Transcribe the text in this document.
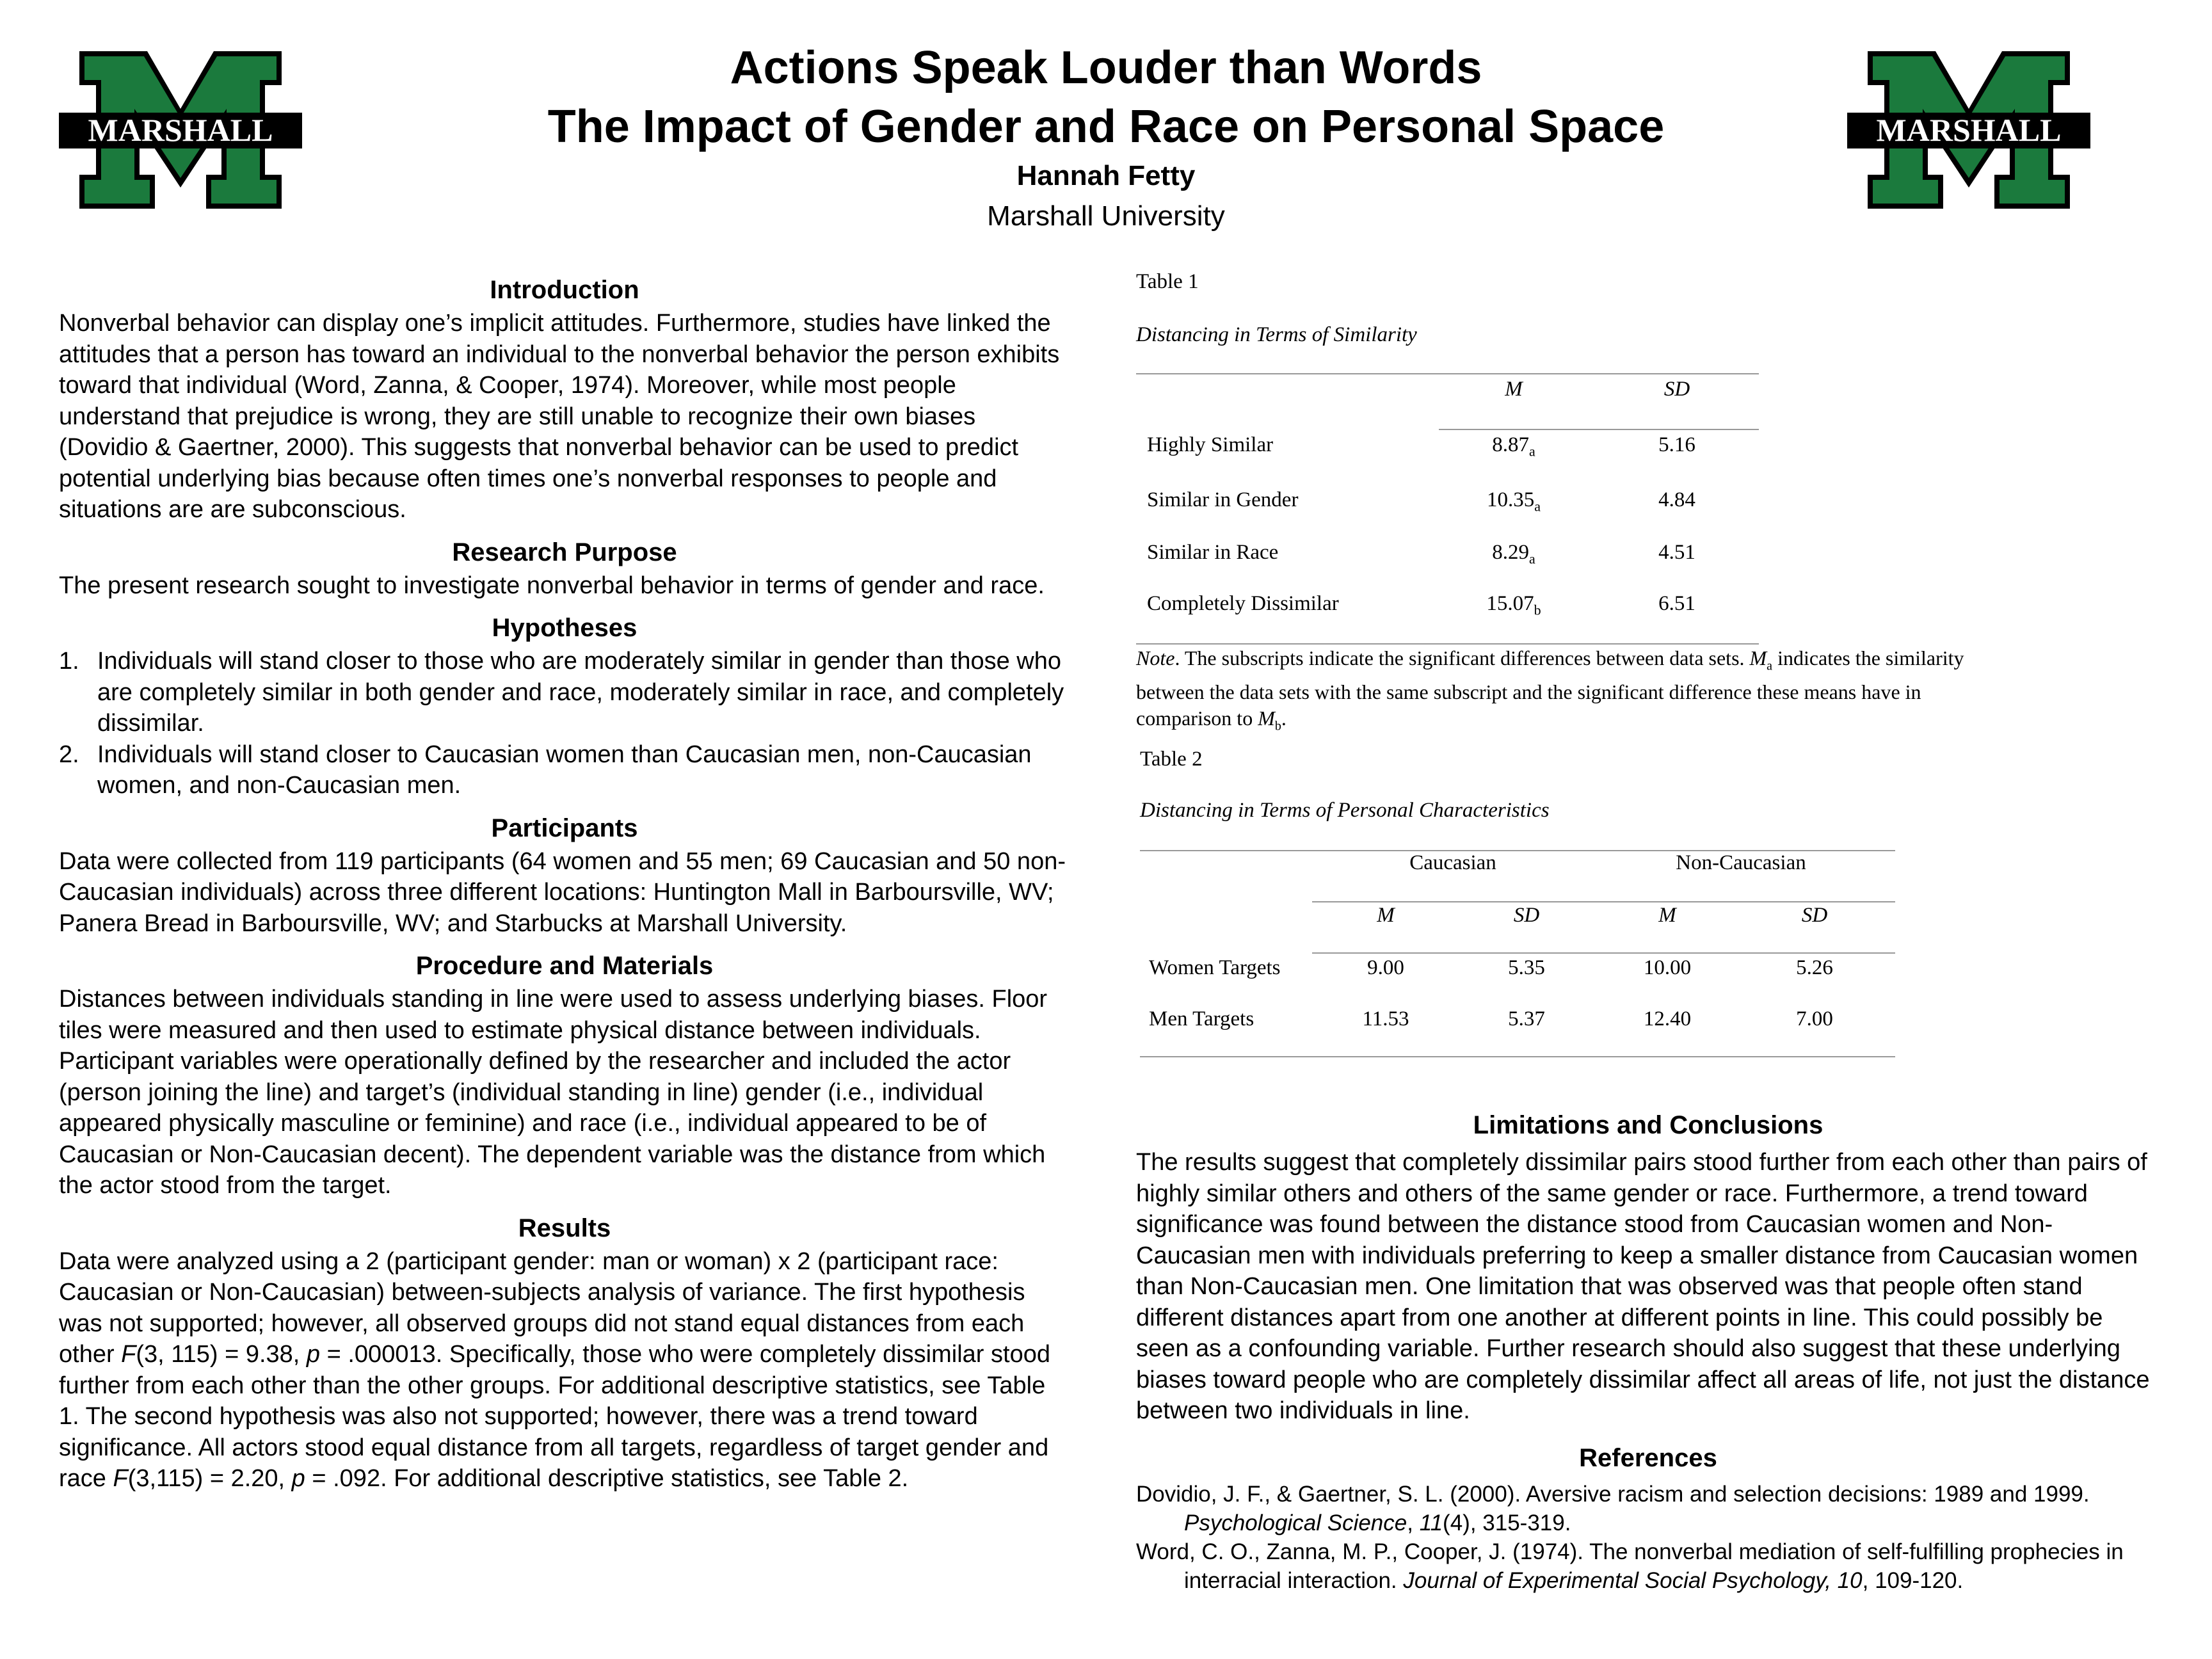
MARSHALL	MARSHALL
Actions Speak Louder than Words
The Impact of Gender and Race on Personal Space
Hannah Fetty
Marshall University
Introduction

Nonverbal behavior can display one’s implicit attitudes. Furthermore, studies have linked the attitudes that a person has toward an individual to the nonverbal behavior the person exhibits toward that individual (Word, Zanna, & Cooper, 1974). Moreover, while most people understand that prejudice is wrong, they are still unable to recognize their own biases (Dovidio & Gaertner, 2000). This suggests that nonverbal behavior can be used to predict potential underlying bias because often times one’s nonverbal responses to people and situations are are subconscious.

Research Purpose

The present research sought to investigate nonverbal behavior in terms of gender and race.

Hypotheses
1. Individuals will stand closer to those who are moderately similar in gender than those who are completely similar in both gender and race, moderately similar in race, and completely dissimilar.
2. Individuals will stand closer to Caucasian women than Caucasian men, non-Caucasian women, and non-Caucasian men.
Participants

Data were collected from 119 participants (64 women and 55 men; 69 Caucasian and 50 non-Caucasian individuals) across three different locations: Huntington Mall in Barboursville, WV; Panera Bread in Barboursville, WV; and Starbucks at Marshall University.

Procedure and Materials

Distances between individuals standing in line were used to assess underlying biases. Floor tiles were measured and then used to estimate physical distance between individuals. Participant variables were operationally defined by the researcher and included the actor (person joining the line) and target’s (individual standing in line) gender (i.e., individual appeared physically masculine or feminine) and race (i.e., individual appeared to be of Caucasian or Non-Caucasian decent). The dependent variable was the distance from which the actor stood from the target.

Results

Data were analyzed using a 2 (participant gender: man or woman) x 2 (participant race: Caucasian or Non-Caucasian) between-subjects analysis of variance. The first hypothesis was not supported; however, all observed groups did not stand equal distances from each other F(3, 115) = 9.38, p = .000013. Specifically, those who were completely dissimilar stood further from each other than the other groups. For additional descriptive statistics, see Table 1. The second hypothesis was also not supported; however, there was a trend toward significance. All actors stood equal distance from all targets, regardless of target gender and race F(3,115) = 2.20, p = .092. For additional descriptive statistics, see Table 2.

Table 1
Distancing in Terms of Similarity
M	SD
Highly Similar	$8.87_a$	5.16
Similar in Gender	$10.35_a$	4.84
Similar in Race	$8.29_a$	4.51
Completely Dissimilar	$15.07_b$	6.51
Note. The subscripts indicate the significant differences between data sets. $M_a$ indicates the similarity between the data sets with the same subscript and the significant difference these means have in comparison to $M_b$.
Table 2
Distancing in Terms of Personal Characteristics
Caucasian	Non-Caucasian
M	SD	M	SD
Women Targets	9.00	5.35	10.00	5.26
Men Targets	11.53	5.37	12.40	7.00
Limitations and Conclusions

The results suggest that completely dissimilar pairs stood further from each other than pairs of highly similar others and others of the same gender or race. Furthermore, a trend toward significance was found between the distance stood from Caucasian women and Non-Caucasian men with individuals preferring to keep a smaller distance from Caucasian women than Non-Caucasian men. One limitation that was observed was that people often stand different distances apart from one another at different points in line. This could possibly be seen as a confounding variable. Further research should also suggest that these underlying biases toward people who are completely dissimilar affect all areas of life, not just the distance between two individuals in line.

References

Dovidio, J. F., & Gaertner, S. L. (2000). Aversive racism and selection decisions: 1989 and 1999. Psychological Science, 11(4), 315-319.

Word, C. O., Zanna, M. P., Cooper, J. (1974). The nonverbal mediation of self-fulfilling prophecies in interracial interaction. Journal of Experimental Social Psychology, 10, 109-120.
